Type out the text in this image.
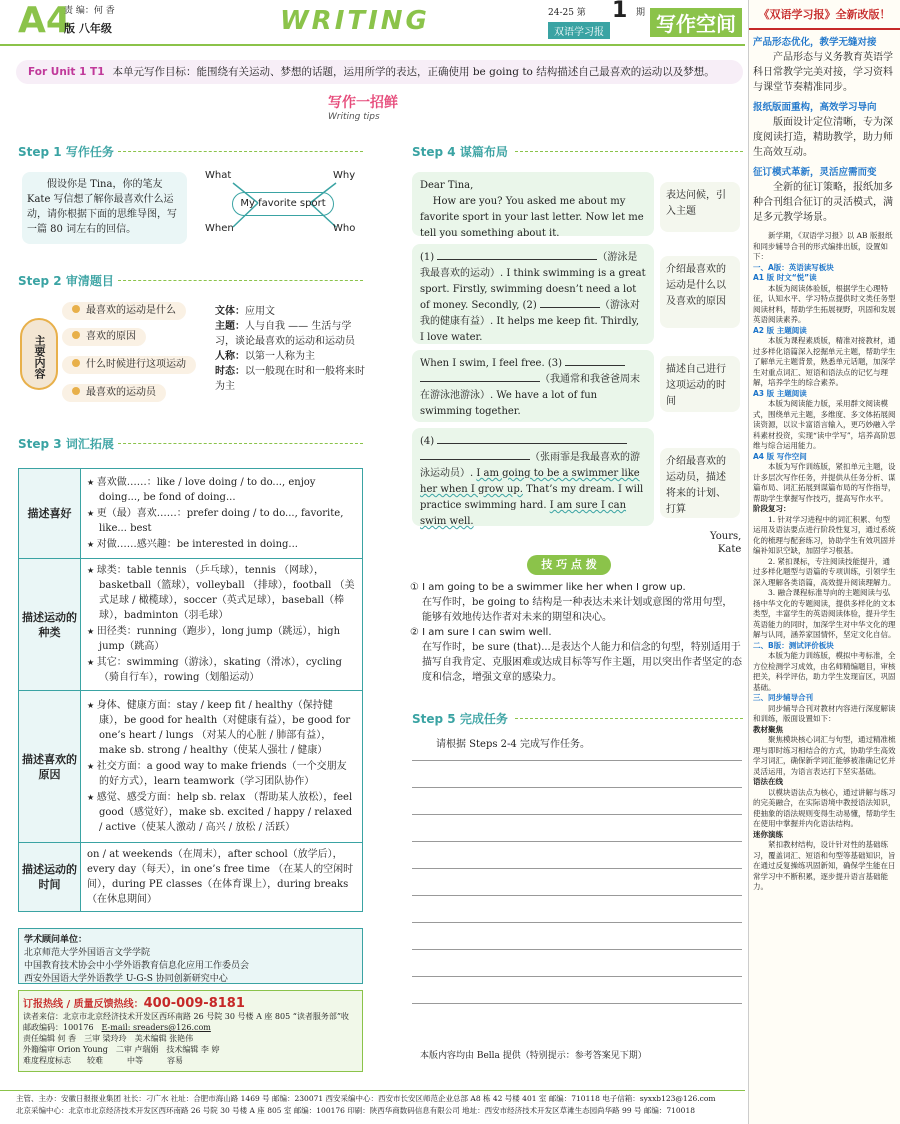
A4
责 编：何 香
版 八年级	WRITING	24-25 第 1 期
双语学习报	写作空间
For Unit 1 T1 本单元写作目标：能围绕有关运动、梦想的话题，运用所学的表达，正确使用 be going to 结构描述自己最喜欢的运动以及梦想。
写作一招鲜
Writing tips
Step 1 写作任务
假设你是 Tina，你的笔友 Kate 写信想了解你最喜欢什么运动，请你根据下面的思维导图，写一篇 80 词左右的回信。
My favorite sport
What	Why
When	Who
Step 2 审清题目
主要内容
最喜欢的运动是什么
喜欢的原因
什么时候进行这项运动
最喜欢的运动员
文体：应用文
主题：人与自我 —— 生活与学习，谈论最喜欢的运动和运动员
人称：以第一人称为主
时态：以一般现在时和一般将来时为主
Step 3 词汇拓展
描述喜好	★ 喜欢做……：like / love doing / to do..., enjoy doing..., be fond of doing...
★ 更（最）喜欢……：prefer doing / to do..., favorite, like... best
★ 对做……感兴趣：be interested in doing...

描述运动的种类	★ 球类：table tennis （乒乓球），tennis （网球），basketball（篮球），volleyball （排球），football （美式足球 / 橄榄球），soccer（英式足球），baseball（棒球），badminton（羽毛球）
★ 田径类：running（跑步），long jump（跳远），high jump（跳高）
★ 其它：swimming（游泳），skating（滑冰），cycling（骑自行车），rowing（划船运动）

描述喜欢的原因	★ 身体、健康方面：stay / keep fit / healthy（保持健康），be good for health（对健康有益），be good for one’s heart / lungs （对某人的心脏 / 肺部有益），make sb. strong / healthy（使某人强壮 / 健康）
★ 社交方面：a good way to make friends（一个交朋友的好方式），learn teamwork（学习团队协作）
★ 感觉、感受方面：help sb. relax （帮助某人放松），feel good（感觉好），make sb. excited / happy / relaxed / active（使某人激动 / 高兴 / 放松 / 活跃）

描述运动的时间	on / at weekends（在周末），after school（放学后），every day（每天），in one’s free time （在某人的空闲时间），during PE classes（在体育课上），during breaks（在休息期间）
学术顾问单位：
北京师范大学外国语言文学学院
中国教育技术协会中小学外语教育信息化应用工作委员会
西安外国语大学外语教学 U-G-S 协同创新研究中心
订报热线 / 质量反馈热线：400-009-8181
读者来信：北京市北京经济技术开发区西环南路 26 号院 30 号楼 A 座 805 “读者服务部”收
邮政编码：100176　 E-mail: sreaders@126.com
责任编辑 何 香　 三审 梁玲玲　 美术编辑 张艳伟
外籍编审 Orion Young　 二审 卢瑞娟　 技术编辑 李 婷
难度程度标志　　 较难　　　	中等　　　	容易
Step 4 谋篇布局
Dear Tina,
How are you? You asked me about my favorite sport in your last letter. Now let me tell you something about it.
(1)	（游泳是我最喜欢的运动）. I think swimming is a great sport. Firstly, swimming doesn’t need a lot of money. Secondly, (2)	（游泳对我的健康有益）. It helps me keep fit. Thirdly, I love water.
When I swim, I feel free. (3) （我通常和我爸爸周末在游泳池游泳）. We have a lot of fun swimming together.
(4)
（张雨霏是我最喜欢的游泳运动员）. I am going to be a swimmer like her when I grow up. That’s my dream. I will practice swimming hard. I am sure I can swim well.
表达问候，引入主题
介绍最喜欢的运动是什么以及喜欢的原因
描述自己进行这项运动的时间
介绍最喜欢的运动员，描述将来的计划、打算
Yours,
Kate
技 巧 点 拨
① I am going to be a swimmer like her when I grow up.
在写作时，be going to 结构是一种表达未来计划或意图的常用句型，能够有效地传达作者对未来的期望和决心。
② I am sure I can swim well.
在写作时，be sure (that)...是表达个人能力和信念的句型，特别适用于描写自我肯定、克服困难或达成目标等写作主题，用以突出作者坚定的态度和信念，增强文章的感染力。
Step 5 完成任务
请根据 Steps 2-4 完成写作任务。
本版内容均由 Bella 提供（特别提示：参考答案见下期）
《双语学习报》全新改版！
产品形态优化，教学无缝对接
产品形态与义务教育英语学科日常教学完美对接，学习资料与课堂节奏精准同步。
报纸版面重构，高效学习导向
版面设计定位清晰，专为深度阅读打造，精助教学，助力师生高效互动。
征订模式革新，灵活应需而变
全新的征订策略，报纸加多种合刊组合征订的灵活模式，满足多元教学场景。
新学期，《双语学习报》以 AB 版报纸和同步辅导合刊的形式编排出版，设置如下：
一、A版：英语读写板块
A1 版 时文“悦”读
本版为阅读体验版，根据学生心理特征，认知水平、学习特点提供时文类任务型阅读材料，帮助学生拓展视野，巩固和发展英语阅读素养。
A2 版 主题阅读
本版为课程素质版，精准对接教材，通过多样化语篇深入挖掘单元主题，帮助学生了解单元主题背景，熟悉单元话题，加深学生对重点词汇、短语和语法点的记忆与理解，培养学生的综合素养。
A3 版 主题阅读
本版为阅读能力版，采用群文阅读模式，围绕单元主题，多维度、多文体拓展阅读资源，以议卡富语言输入，更巧妙融入学科素材投资，实现“读中学写”，培养高阶思维与综合运用能力。
A4 版 写作空间
本版为写作训练版，紧扣单元主题，设计多层次写作任务，并提供从任务分析、谋篇布局、词汇拓展到谋篇布局的写作指导，帮助学生掌握写作技巧，提高写作水平。
阶段复习：
1. 针对学习进程中的词汇积累、句型运用及语法要点进行阶段性复习，通过系统化的梳理与配套练习，协助学生有效巩固并编补知识空缺，加固学习根基。
2. 紧扣课标，专注阅读技能提升，通过多样化题型与语篇的专项训练，引领学生深入理解各类语篇，高效提升阅读理解力。
3. 融合课程标准导向的主题阅读与弘扬中华文化的专题阅读，提供多样化的文本类型，丰富学生的英语阅读体验，提升学生英语能力的同时，加深学生对中华文化的理解与认同，涵养家国情怀，坚定文化自信。
二、B版：测试评价板块
本版为能力训练版，模拟中考标准，全方位检测学习成效，由名师精编题目，审核把关，科学评估，助力学生发现盲区，巩固基础。
三、同步辅导合刊
同步辅导合刊对教材内容进行深度解读和训练，版面设置如下：
教材聚焦
聚焦模块核心词汇与句型，通过精准梳理与即时练习相结合的方式，协助学生高效学习词汇，确保新学词汇能够被准确记忆并灵活运用，为语言表达打下坚实基础。
语法在线
以模块语法点为核心，通过讲解与练习的完美融合，在实际语境中教授语法知识，使抽象的语法规则变得生动易懂，帮助学生在使用中掌握并内化语法结构。
迷你演练
紧扣教材结构，设计针对性的基础练习，覆盖词汇、短语和句型等基础知识，旨在通过反复操练巩固新知，确保学生能在日常学习中不断积累，逐步提升语言基础能力。
主管、主办：安徽日报报业集团 社长：刁广水 社址：合肥市海山路 1469 号 邮编：230071 西安采编中心：西安市长安区师范企业总部 A8 栋 42 号楼 401 室 邮编：710118 电子信箱：syxxb123@126.com
北京采编中心：北京市北京经济技术开发区西环南路 26 号院 30 号楼 A 座 805 室 邮编：100176 印刷：陕西华商数码信息有限公司 地址：西安市经济技术开发区草滩生态园尚华路 99 号 邮编：710018
